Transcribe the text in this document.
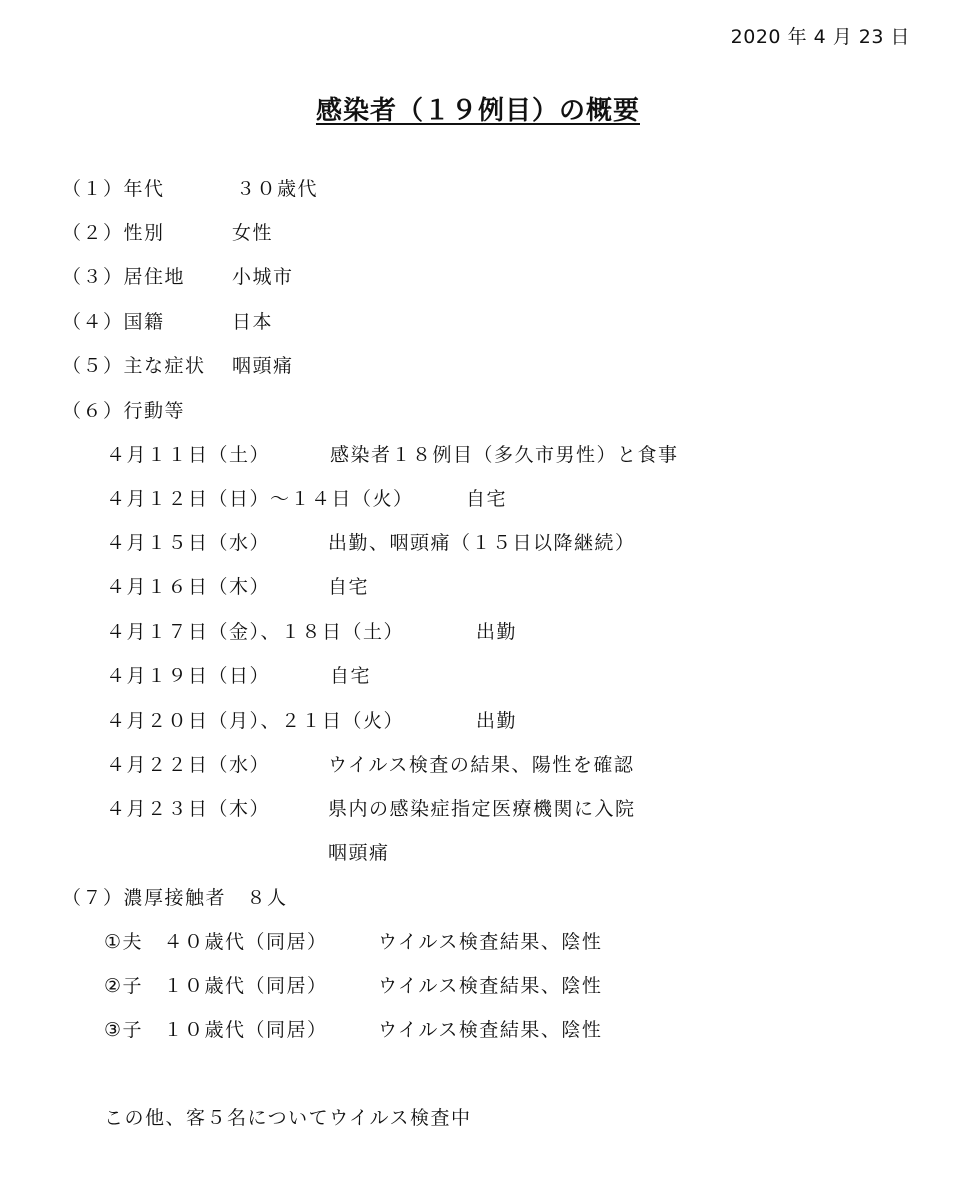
2020 年 4 月 23 日
感染者（１９例目）の概要
（１）年代	３０歳代
（２）性別	女性
（３）居住地 小城市
（４）国籍	日本
（５）主な症状 咽頭痛
（６）行動等
４月１１日（土）	感染者１８例目（多久市男性）と食事
４月１２日（日）～１４日（火）	自宅
４月１５日（水）	出勤、咽頭痛（１５日以降継続）
４月１６日（木）	自宅
４月１７日（金）、１８日（土）	出勤
４月１９日（日）	自宅
４月２０日（月）、２１日（火）	出勤
４月２２日（水）	ウイルス検査の結果、陽性を確認
４月２３日（木）	県内の感染症指定医療機関に入院
咽頭痛
（７）濃厚接触者　８人
①夫　４０歳代（同居）	ウイルス検査結果、陰性
②子　１０歳代（同居）	ウイルス検査結果、陰性
③子　１０歳代（同居）	ウイルス検査結果、陰性
この他、客５名についてウイルス検査中
